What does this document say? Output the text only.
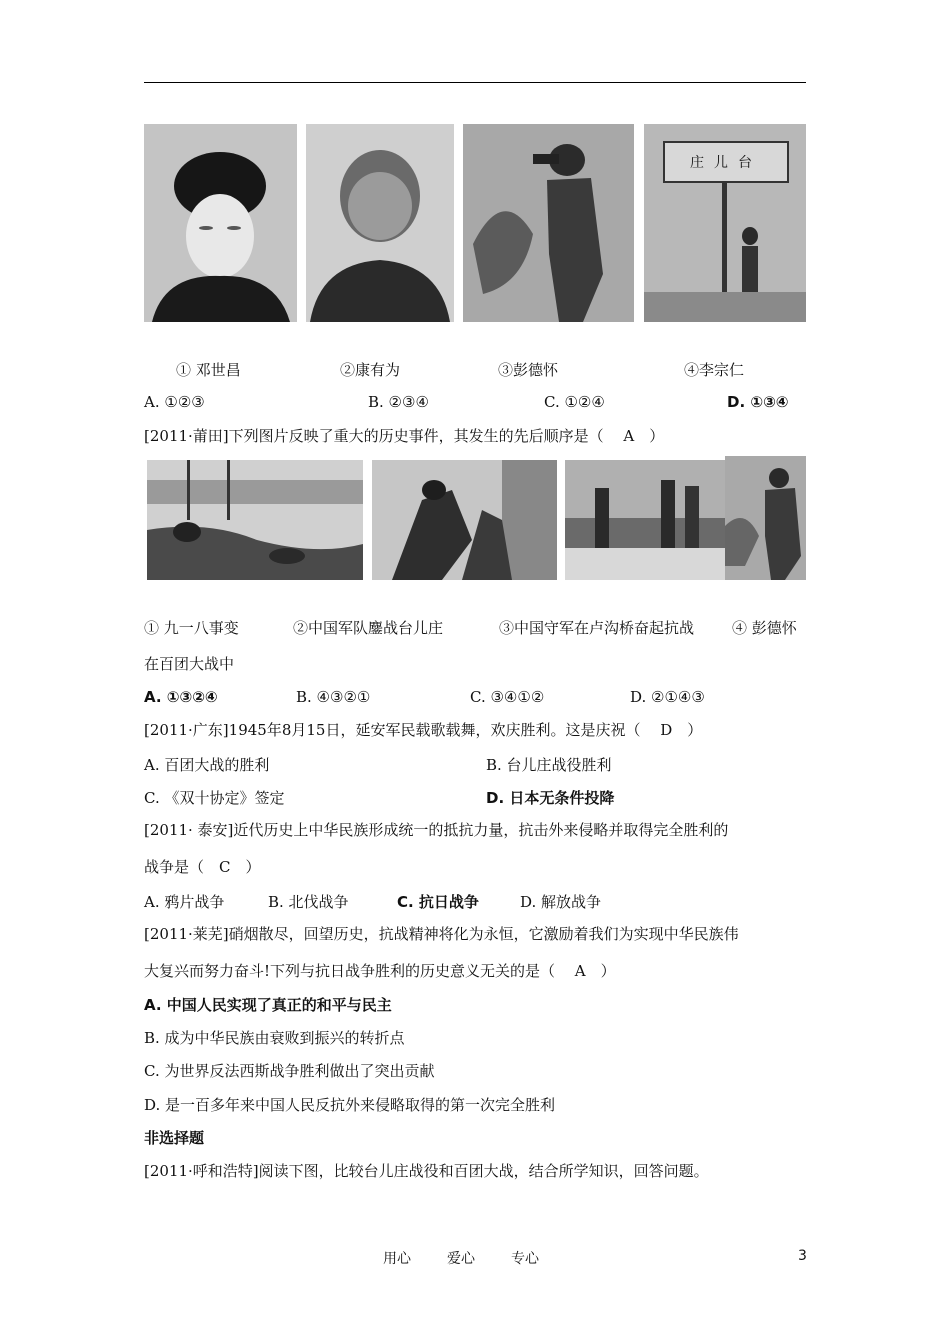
庄儿台
① 邓世昌	②康有为	③彭德怀	④李宗仁
A. ①②③	B. ②③④	C. ①②④	D. ①③④
[2011·莆田]下列图片反映了重大的历史事件，其发生的先后顺序是（　 A　）
① 九一八事变	②中国军队鏖战台儿庄	③中国守军在卢沟桥奋起抗战	④ 彭德怀
在百团大战中
A. ①③②④	B. ④③②①	C. ③④①②	D. ②①④③
[2011·广东]1945年8月15日，延安军民载歌载舞，欢庆胜利。这是庆祝（　 D　）
A. 百团大战的胜利	B. 台儿庄战役胜利
C. 《双十协定》签定	D. 日本无条件投降
[2011· 泰安]近代历史上中华民族形成统一的抵抗力量，抗击外来侵略并取得完全胜利的
战争是（　C　）
A. 鸦片战争	B. 北伐战争	C. 抗日战争	D. 解放战争
[2011·莱芜]硝烟散尽，回望历史，抗战精神将化为永恒，它激励着我们为实现中华民族伟
大复兴而努力奋斗!下列与抗日战争胜利的历史意义无关的是（　 A　）
A. 中国人民实现了真正的和平与民主
B. 成为中华民族由衰败到振兴的转折点
C. 为世界反法西斯战争胜利做出了突出贡献
D. 是一百多年来中国人民反抗外来侵略取得的第一次完全胜利
非选择题
[2011·呼和浩特]阅读下图，比较台儿庄战役和百团大战，结合所学知识，回答问题。
用心	爱心	专心	3
